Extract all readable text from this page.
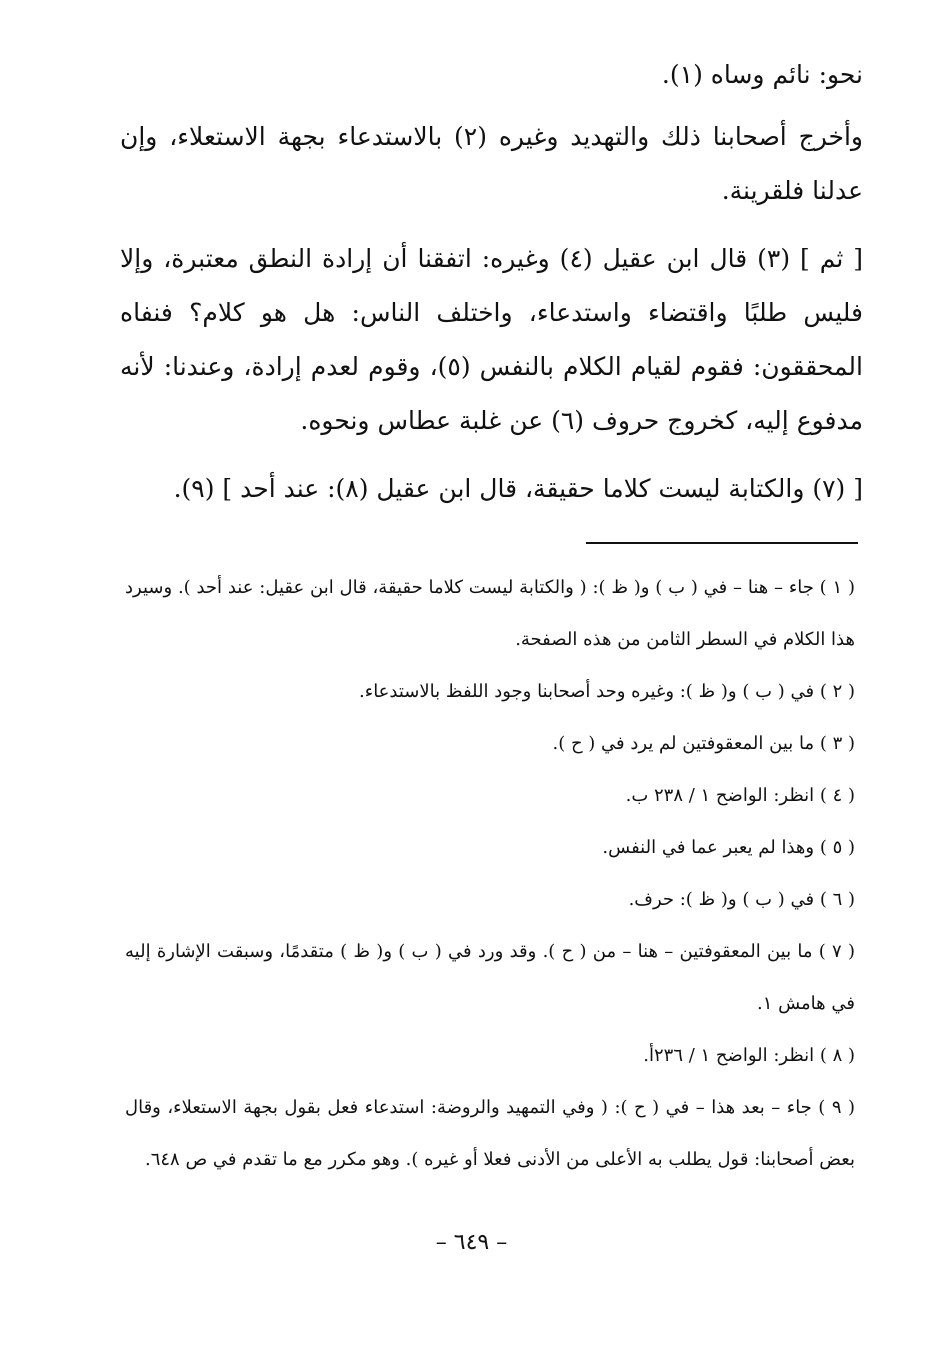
نحو: نائم وساه (١).

وأخرج أصحابنا ذلك والتهديد وغيره (٢) بالاستدعاء بجهة الاستعلاء، وإن عدلنا فلقرينة.

[ ثم ] (٣) قال ابن عقيل (٤) وغيره: اتفقنا أن إرادة النطق معتبرة، وإلا فليس طلبًا واقتضاء واستدعاء، واختلف الناس: هل هو كلام؟ فنفاه المحققون: فقوم لقيام الكلام بالنفس (٥)، وقوم لعدم إرادة، وعندنا: لأنه مدفوع إليه، كخروج حروف (٦) عن غلبة عطاس ونحوه.

[ (٧) والكتابة ليست كلاما حقيقة، قال ابن عقيل (٨): عند أحد ] (٩).

( ١ ) جاء – هنا – في ( ب ) و( ظ ): ( والكتابة ليست كلاما حقيقة، قال ابن عقيل: عند أحد ). وسيرد هذا الكلام في السطر الثامن من هذه الصفحة.

( ٢ ) في ( ب ) و( ظ ): وغيره وحد أصحابنا وجود اللفظ بالاستدعاء.

( ٣ ) ما بين المعقوفتين لم يرد في ( ح ).

( ٤ ) انظر: الواضح ١ / ٢٣٨ ب.

( ٥ ) وهذا لم يعبر عما في النفس.

( ٦ ) في ( ب ) و( ظ ): حرف.

( ٧ ) ما بين المعقوفتين – هنا – من ( ح ). وقد ورد في ( ب ) و( ظ ) متقدمًا، وسبقت الإشارة إليه في هامش ١.

( ٨ ) انظر: الواضح ١ / ٢٣٦أ.

( ٩ ) جاء – بعد هذا – في ( ح ): ( وفي التمهيد والروضة: استدعاء فعل بقول بجهة الاستعلاء، وقال بعض أصحابنا: قول يطلب به الأعلى من الأدنى فعلا أو غيره ). وهو مكرر مع ما تقدم في ص ٦٤٨.

– ٦٤٩ –
